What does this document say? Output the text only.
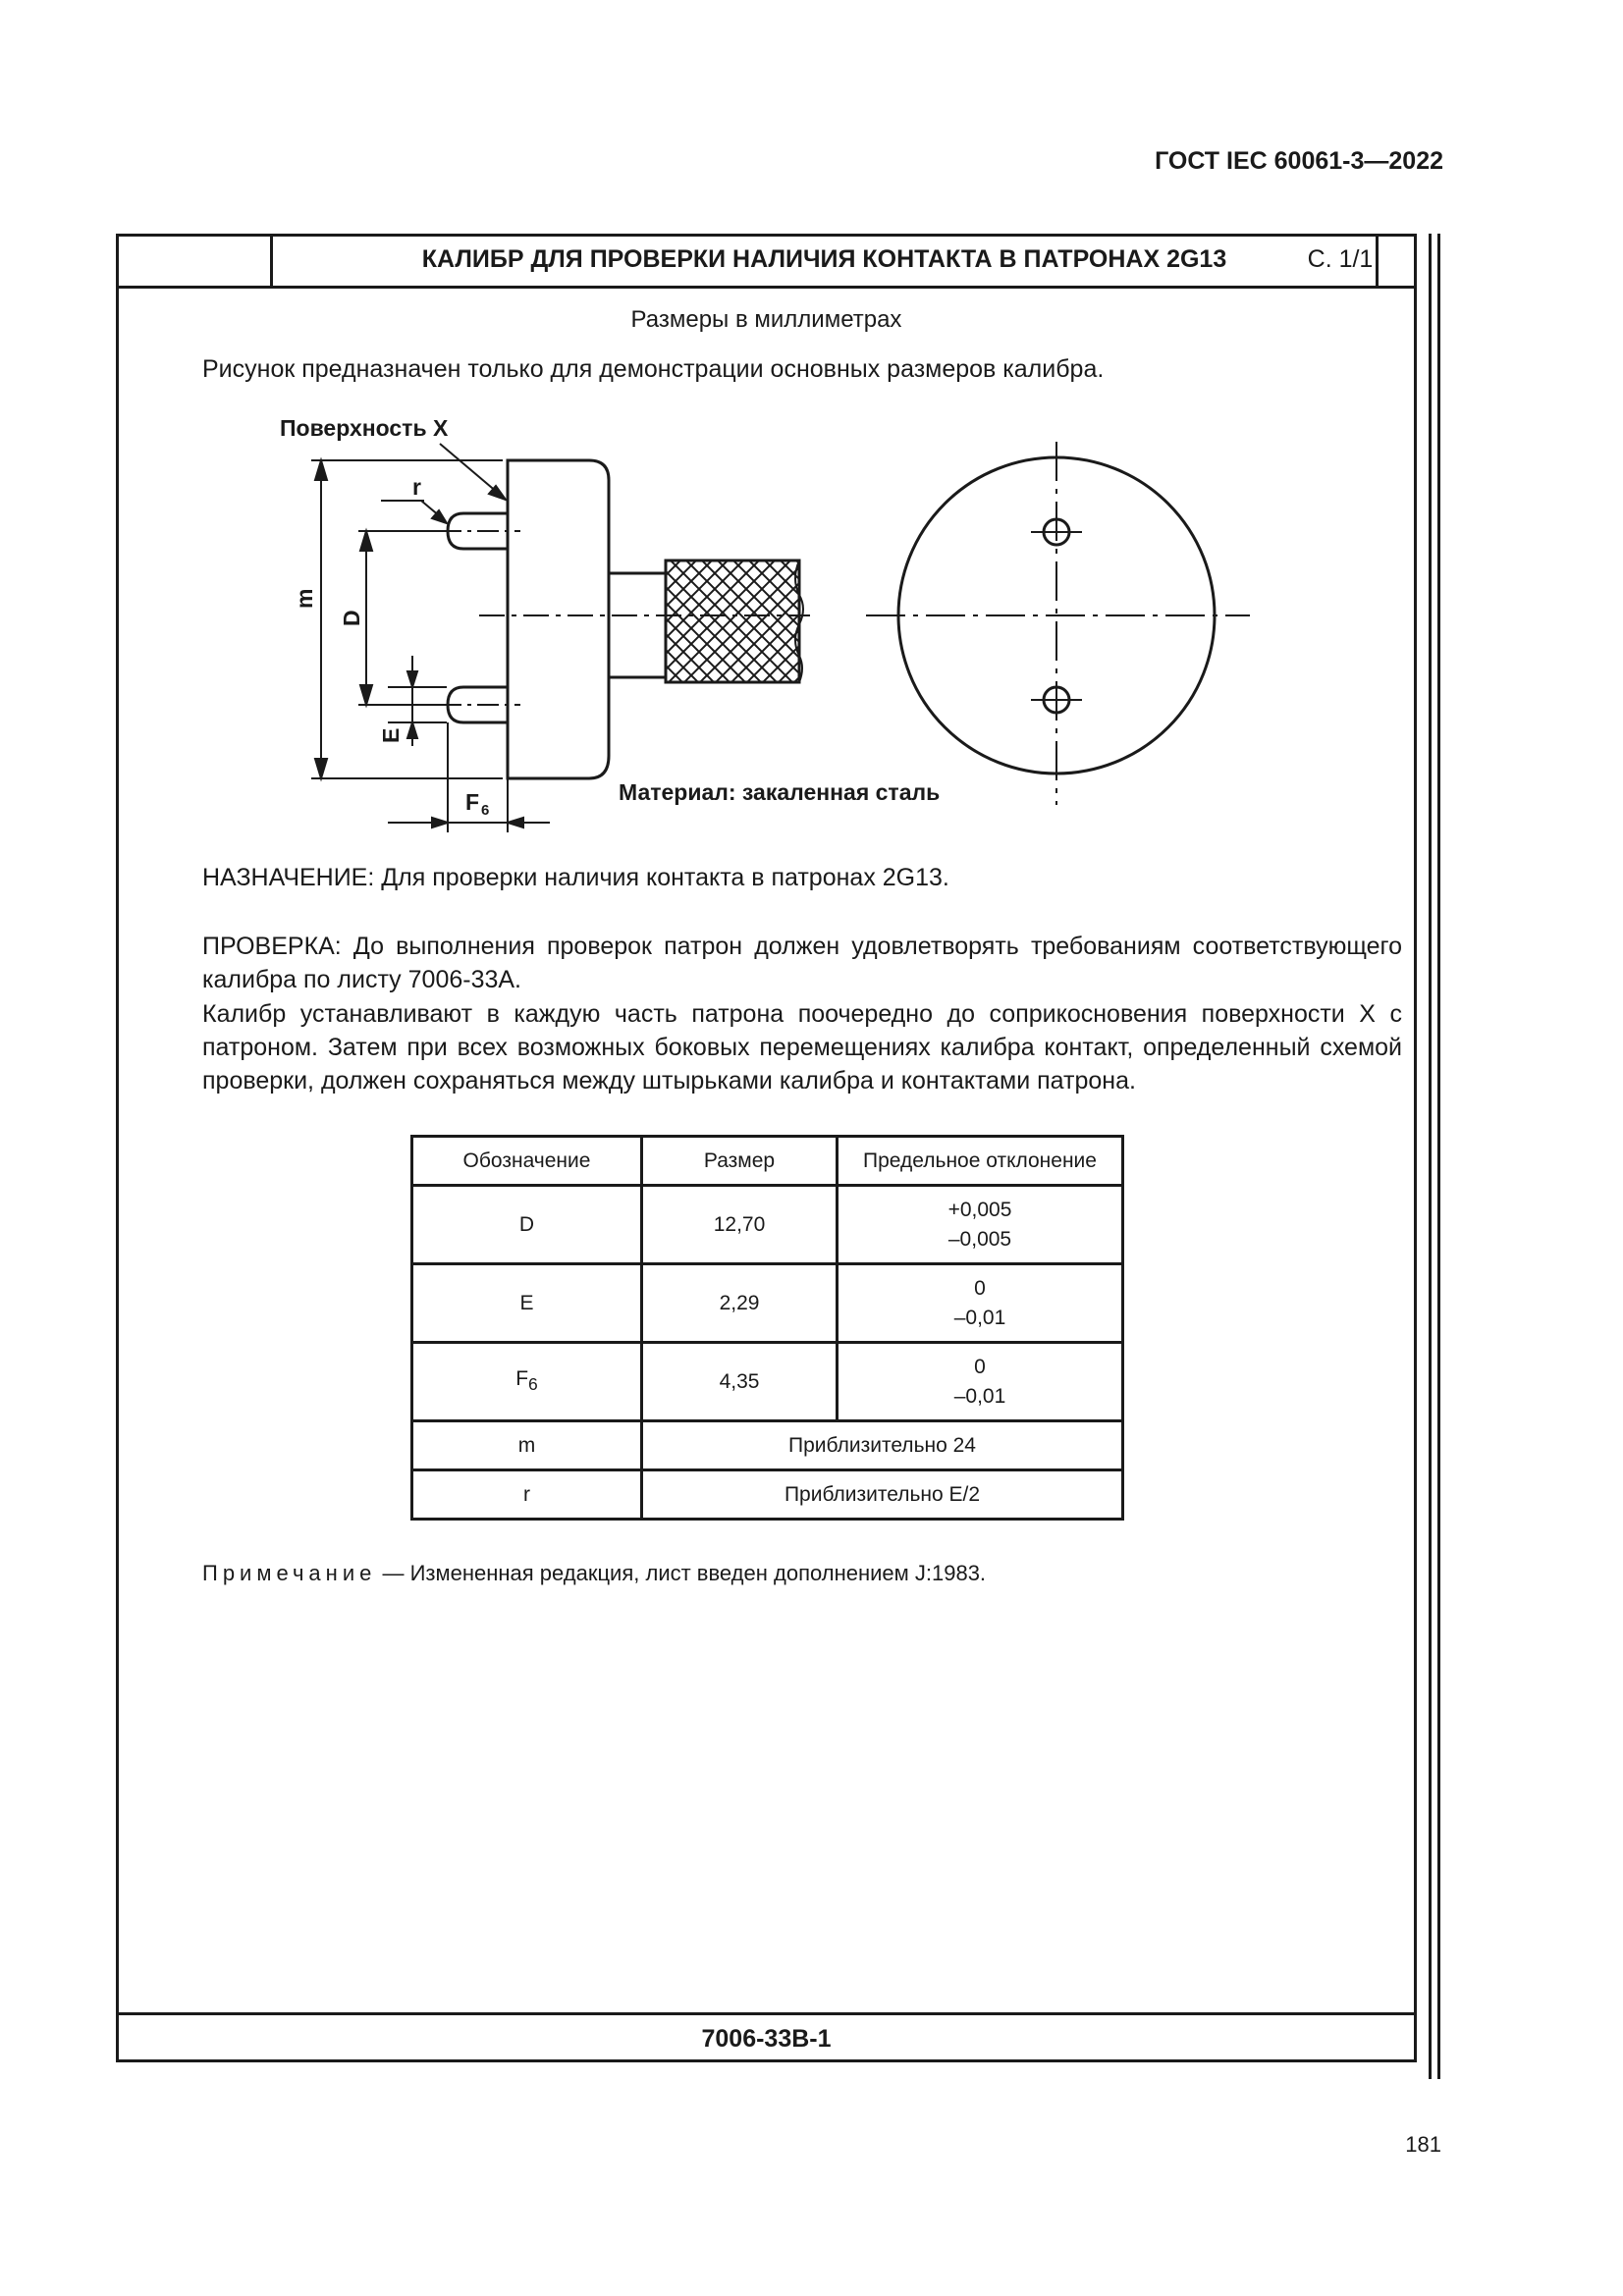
ГОСТ IEC 60061-3—2022
КАЛИБР ДЛЯ ПРОВЕРКИ НАЛИЧИЯ КОНТАКТА В ПАТРОНАХ 2G13	С. 1/1
Размеры в миллиметрах
Рисунок предназначен только для демонстрации основных размеров калибра.
Поверхность X
r
m
D
E
F 6
Материал: закаленная сталь
НАЗНАЧЕНИЕ: Для проверки наличия контакта в патронах 2G13.
ПРОВЕРКА: До выполнения проверок патрон должен удовлетворять требованиям соответствующего калибра по листу 7006-33А.
Калибр устанавливают в каждую часть патрона поочередно до соприкосновения поверхности X с патроном. Затем при всех возможных боковых перемещениях калибра контакт, определенный схемой проверки, должен сохраняться между штырьками калибра и контактами патрона.
Обозначение	Размер	Предельное отклонение
D	12,70	+0,005
–0,005

E	2,29	0
–0,01

$F_6$	4,35	0
–0,01

m	Приблизительно 24	
r	Приблизительно E/2	
Примечание — Измененная редакция, лист введен дополнением J:1983.
7006-33В-1
181
